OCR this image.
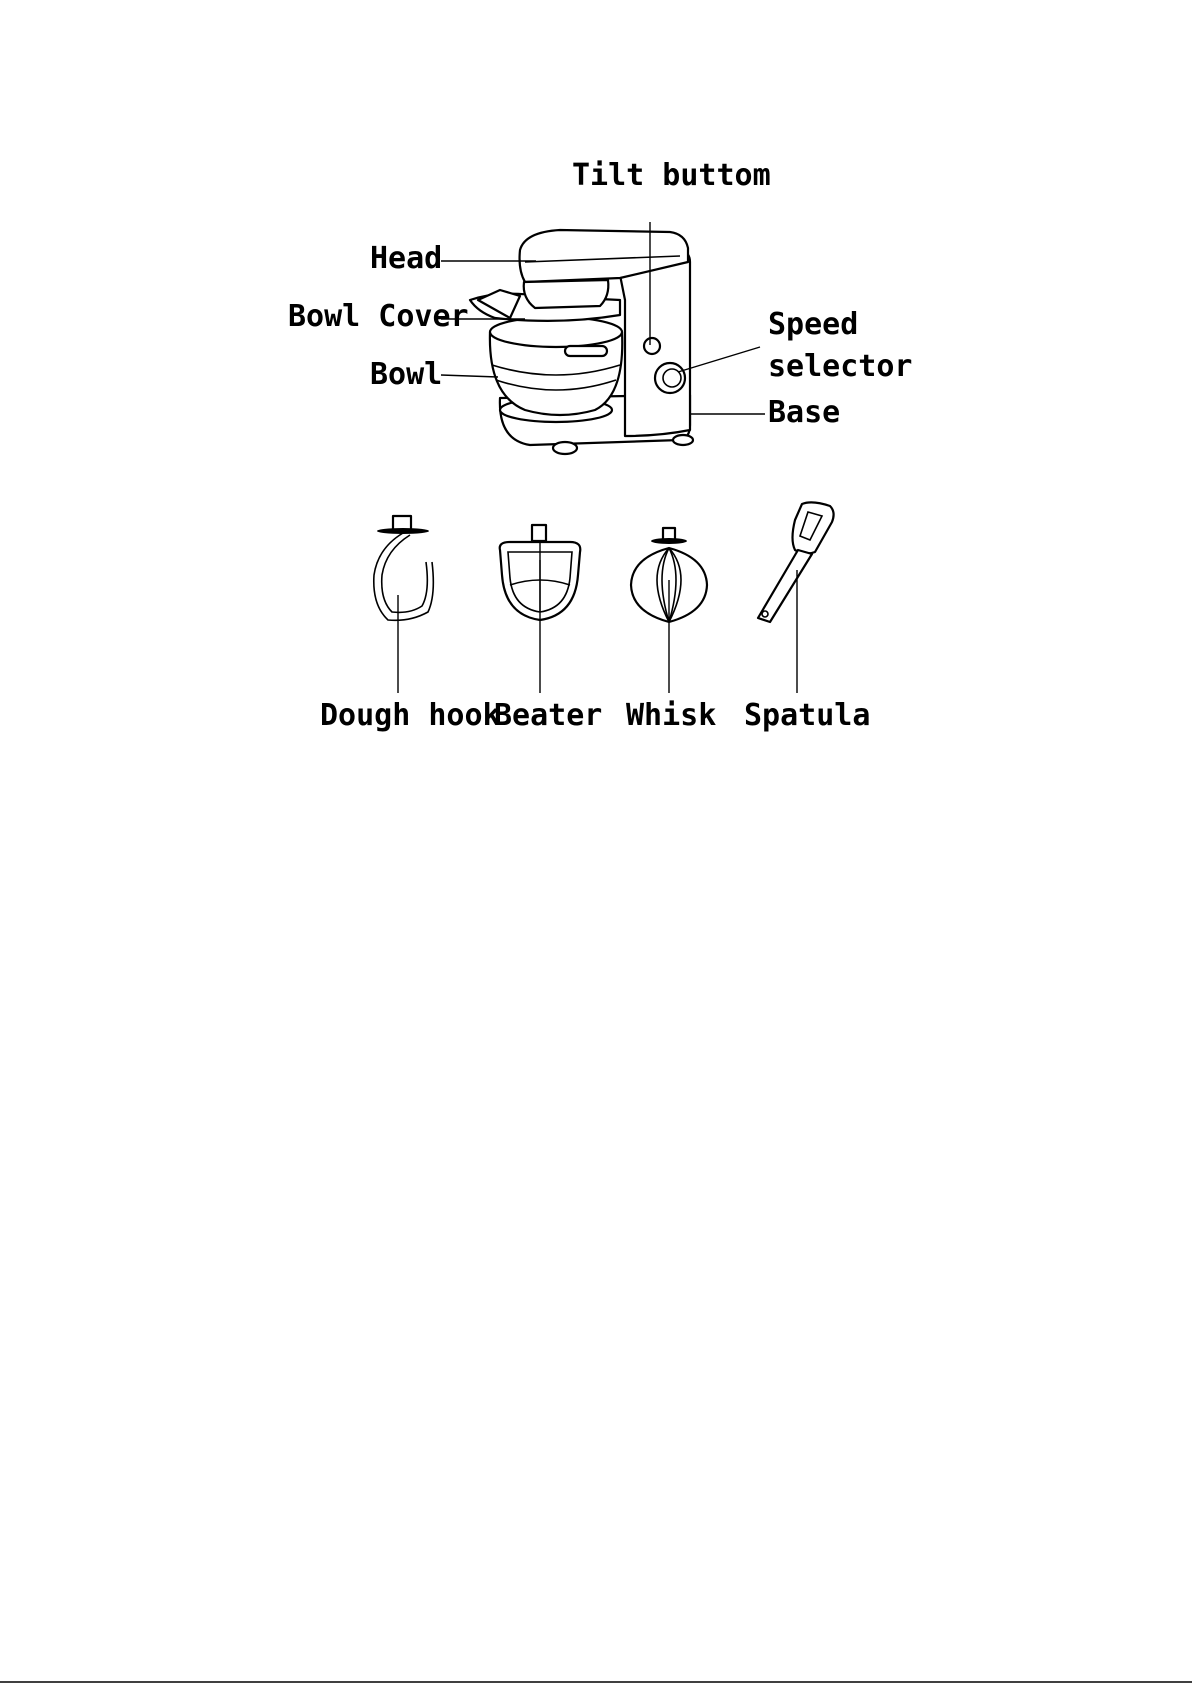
Tilt buttom
Head
Bowl Cover
Bowl
Speed
selector
Base
Dough hook
Beater Whisk Spatula
